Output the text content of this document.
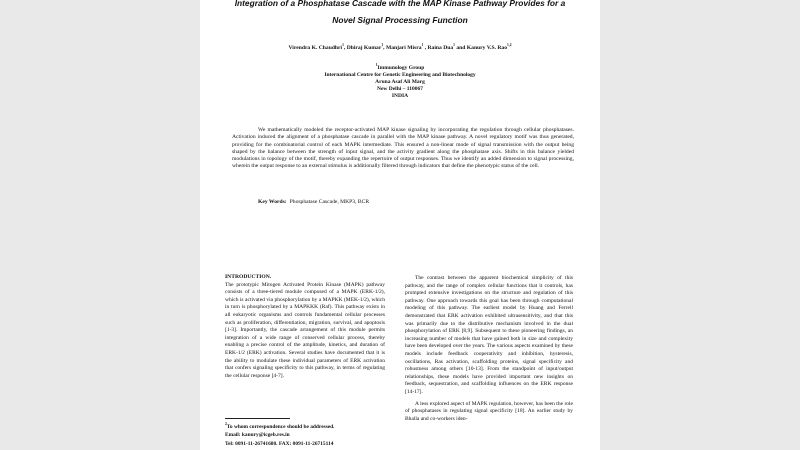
Integration of a Phosphatase Cascade with the MAP Kinase Pathway Provides for a
Novel Signal Processing Function
Virendra K. Chaudhri$^1$, Dhiraj Kumar$^1$, Manjari Misra$^1$ , Raina Dua$^1$ and Kanury V.S. Rao$^{1,2}$
$^1$Immunology Group
International Centre for Genetic Engineering and Biotechnology
Aruna Asaf Ali Marg
New Delhi – 110067
INDIA

We mathematically modeled the receptor-activated MAP kinase signaling by incorporating the regulation through cellular phosphatases. Activation induced the alignment of a phosphatase cascade in parallel with the MAP kinase pathway. A novel regulatory motif was thus generated, providing for the combinatorial control of each MAPK intermediate. This ensured a non-linear mode of signal transmission with the output being shaped by the balance between the strength of input signal, and the activity gradient along the phosphatase axis. Shifts in this balance yielded modulations in topology of the motif, thereby expanding the repertoire of output responses. Thus we identify an added dimension to signal processing, wherein the output response to an external stimulus is additionally filtered through indicators that define the phenotypic status of the cell.

Key Words: Phosphatase Cascade, MKP3, BCR
INTRODUCTION.

The prototypic Mitogen Activated Protein Kinase (MAPK) pathway consists of a three-tiered module composed of a MAPK (ERK-1/2), which is activated via phosphorylation by a MAPKK (MEK-1/2), which in turn is phosphorylated by a MAPKKK (Raf). This pathway exists in all eukaryotic organisms and controls fundamental cellular processes such as proliferation, differentiation, migration, survival, and apoptosis [1-3]. Importantly, the cascade arrangement of this module permits integration of a wide range of conserved cellular process, thereby enabling a precise control of the amplitude, kinetics, and duration of ERK-1/2 (ERK) activation. Several studies have documented that it is the ability to modulate these individual parameters of ERK activation that confers signaling specificity to this pathway, in terms of regulating the cellular response [4-7].

The contrast between the apparent biochemical simplicity of this pathway, and the range of complex cellular functions that it controls, has prompted extensive investigations on the structure and regulation of this pathway. One approach towards this goal has been through computational modeling of this pathway. The earliest model by Huang and Ferrell demonstrated that ERK activation exhibited ultrasensitivity, and that this was primarily due to the distributive mechanism involved in the dual phosphorylation of ERK [8,9]. Subsequent to these pioneering findings, an increasing number of models that have gained both in size and complexity have been developed over the years. The various aspects examined by these models include feedback cooperativity and inhibition, hysteresis, oscillations, Ras activation, scaffolding proteins, signal specificity and robustness among others [10-13]. From the standpoint of input/output relationships, these models have provided important new insights on feedback, sequestration, and scaffolding influences on the ERK response [14-17].

A less explored aspect of MAPK regulation, however, has been the role of phosphatases in regulating signal specificity [18]. An earlier study by Bhalla and co-workers iden-

$^2$To whom correspondence should be addressed.
Email: kanury@icgeb.res.in
Tel: 0091-11-26741680. FAX: 0091-11-26715114
